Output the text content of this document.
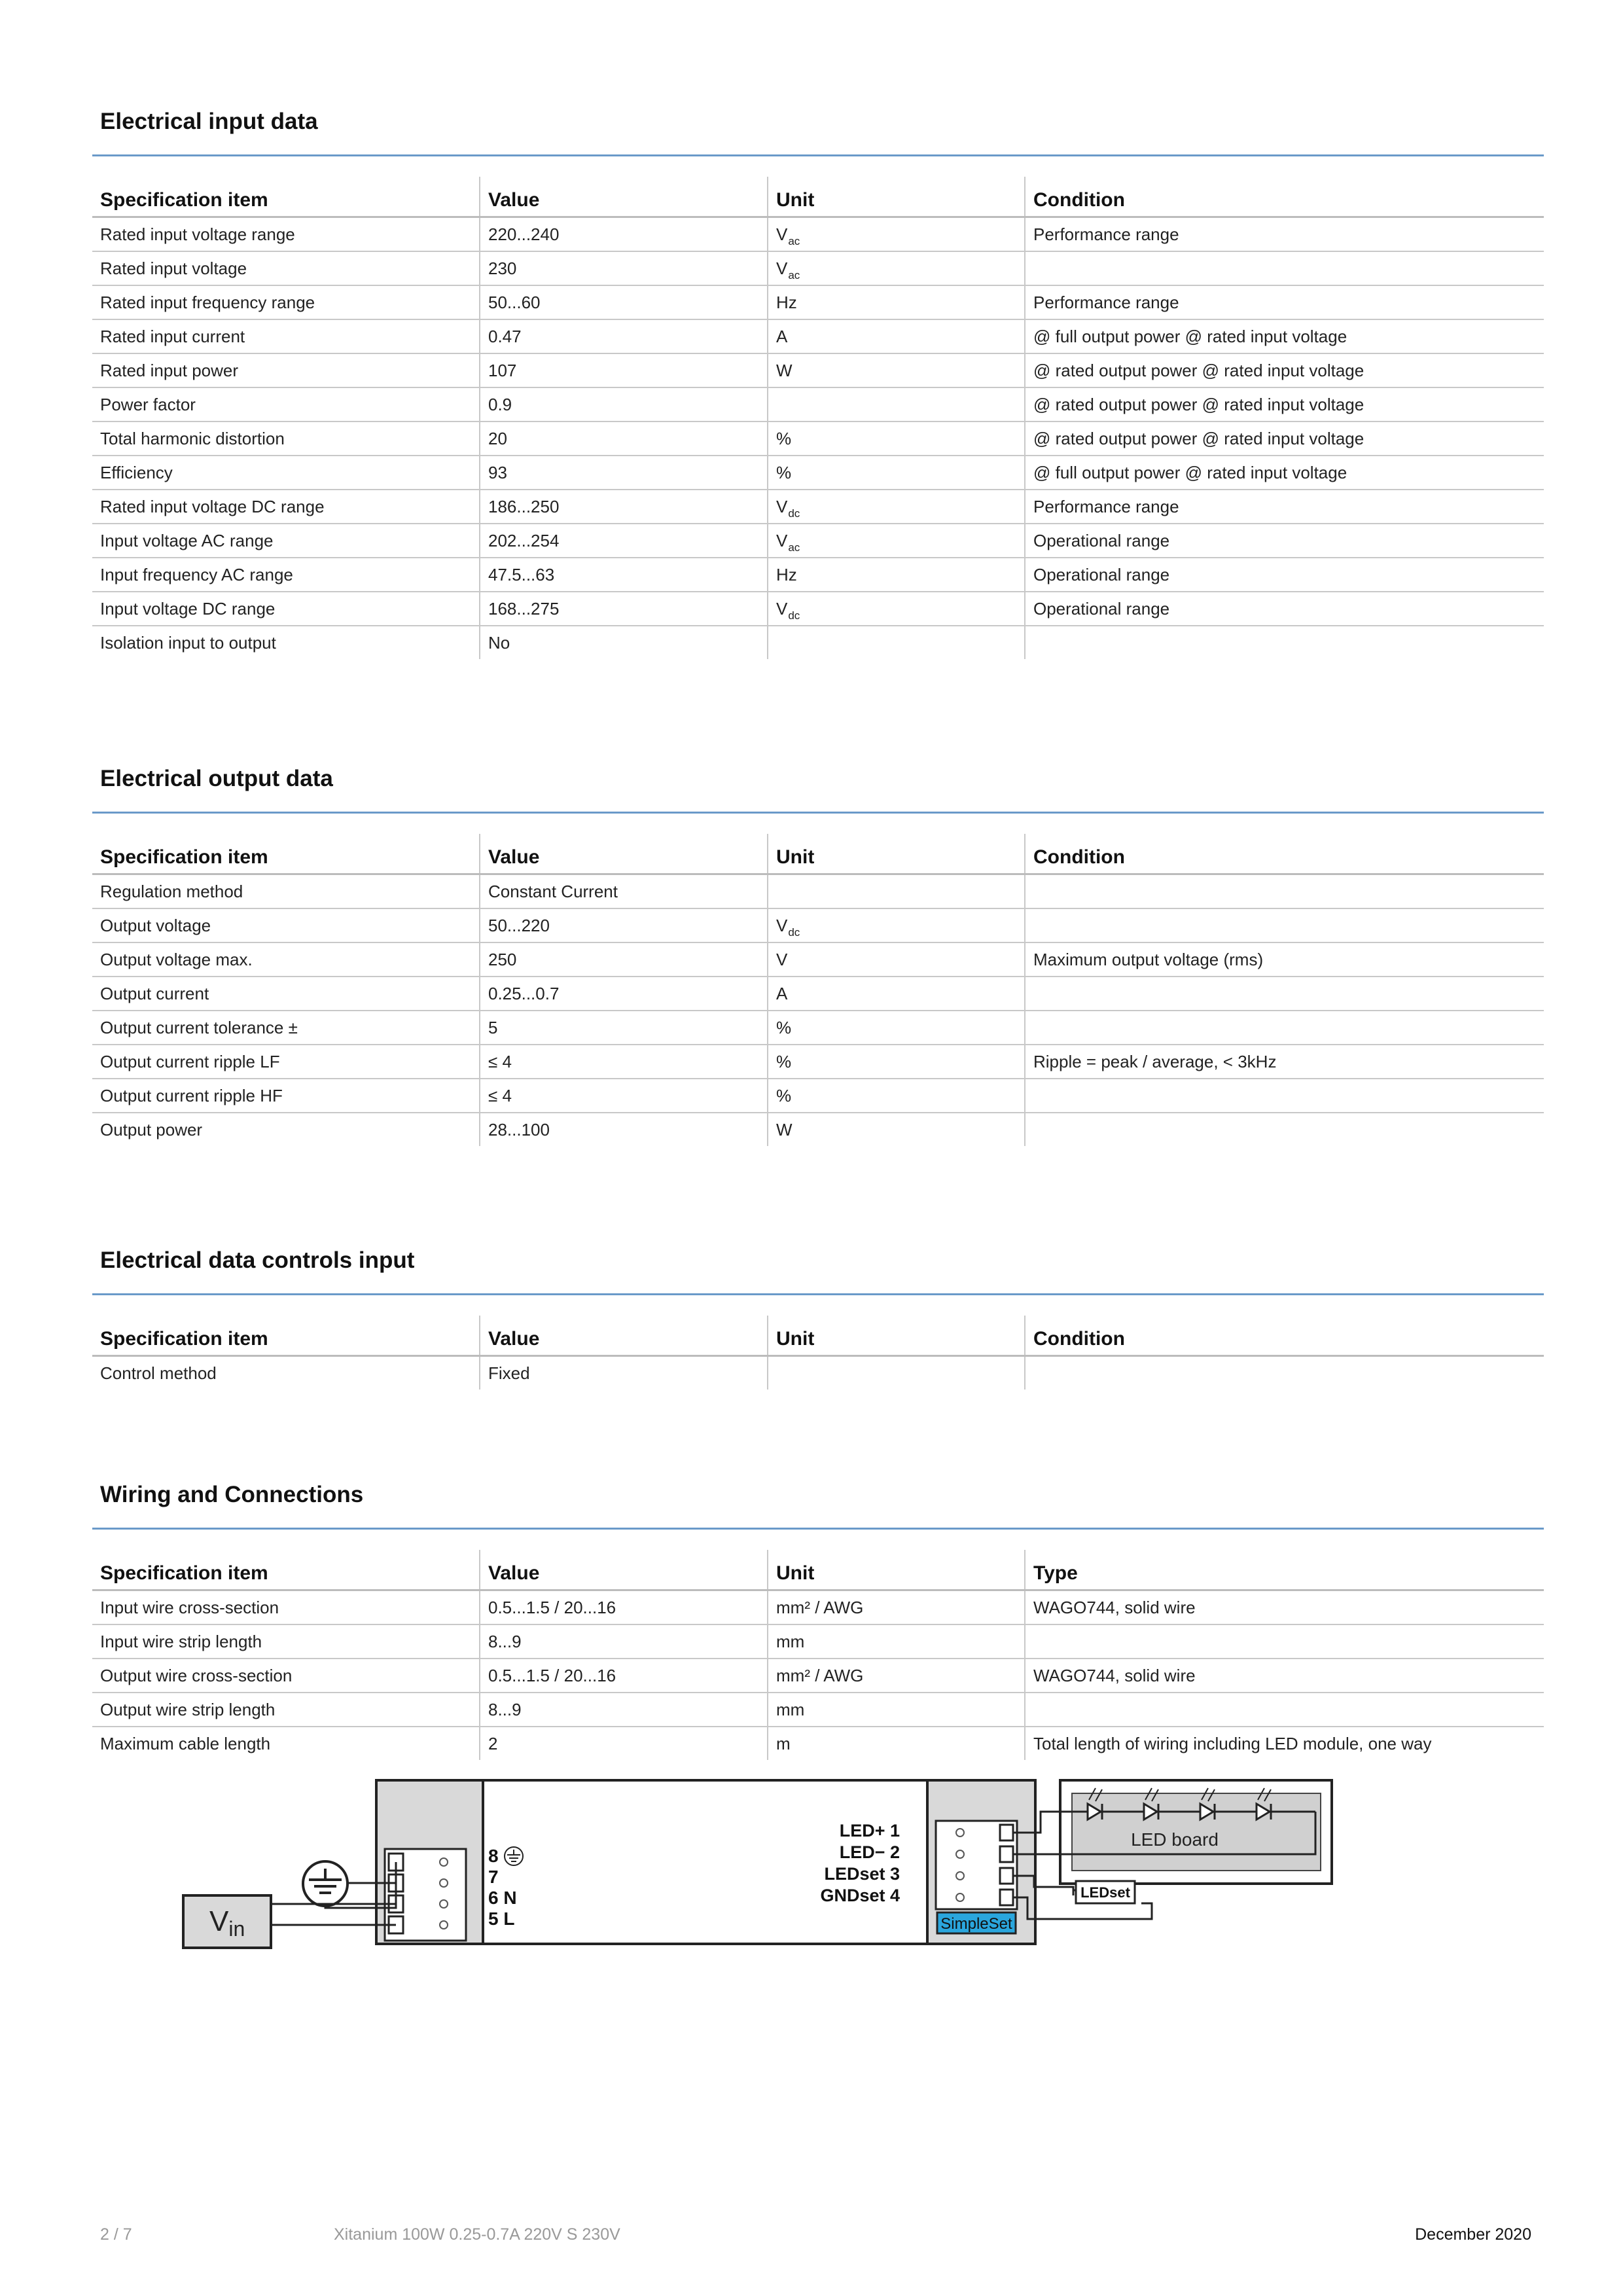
Electrical input data
Specification item	Value	Unit	Condition
Rated input voltage range	220...240	$V_{ac}$	Performance range
Rated input voltage	230	$V_{ac}$	
Rated input frequency range	50...60	Hz	Performance range
Rated input current	0.47	A	@ full output power @ rated input voltage
Rated input power	107	W	@ rated output power @ rated input voltage
Power factor	0.9		@ rated output power @ rated input voltage
Total harmonic distortion	20	%	@ rated output power @ rated input voltage
Efficiency	93	%	@ full output power @ rated input voltage
Rated input voltage DC range	186...250	$V_{dc}$	Performance range
Input voltage AC range	202...254	$V_{ac}$	Operational range
Input frequency AC range	47.5...63	Hz	Operational range
Input voltage DC range	168...275	$V_{dc}$	Operational range
Isolation input to output	No		
Electrical output data
Specification item	Value	Unit	Condition
Regulation method	Constant Current		
Output voltage	50...220	$V_{dc}$	
Output voltage max.	250	V	Maximum output voltage (rms)
Output current	0.25...0.7	A	
Output current tolerance ±	5	%	
Output current ripple LF	≤ 4	%	Ripple = peak / average, < 3kHz
Output current ripple HF	≤ 4	%	
Output power	28...100	W	
Electrical data controls input
Specification item	Value	Unit	Condition
Control method	Fixed		
Wiring and Connections
Specification item	Value	Unit	Type
Input wire cross-section	0.5...1.5 / 20...16	mm² / AWG	WAGO744, solid wire
Input wire strip length	8...9	mm	
Output wire cross-section	0.5...1.5 / 20...16	mm² / AWG	WAGO744, solid wire
Output wire strip length	8...9	mm	
Maximum cable length	2	m	Total length of wiring including LED module, one way
Vin
8
7
6 N
5 L
LED+ 1
LED− 2
LEDset 3
GNDset 4
SimpleSet
LED board
LEDset
2 / 7	Xitanium 100W 0.25-0.7A 220V S 230V	December 2020
